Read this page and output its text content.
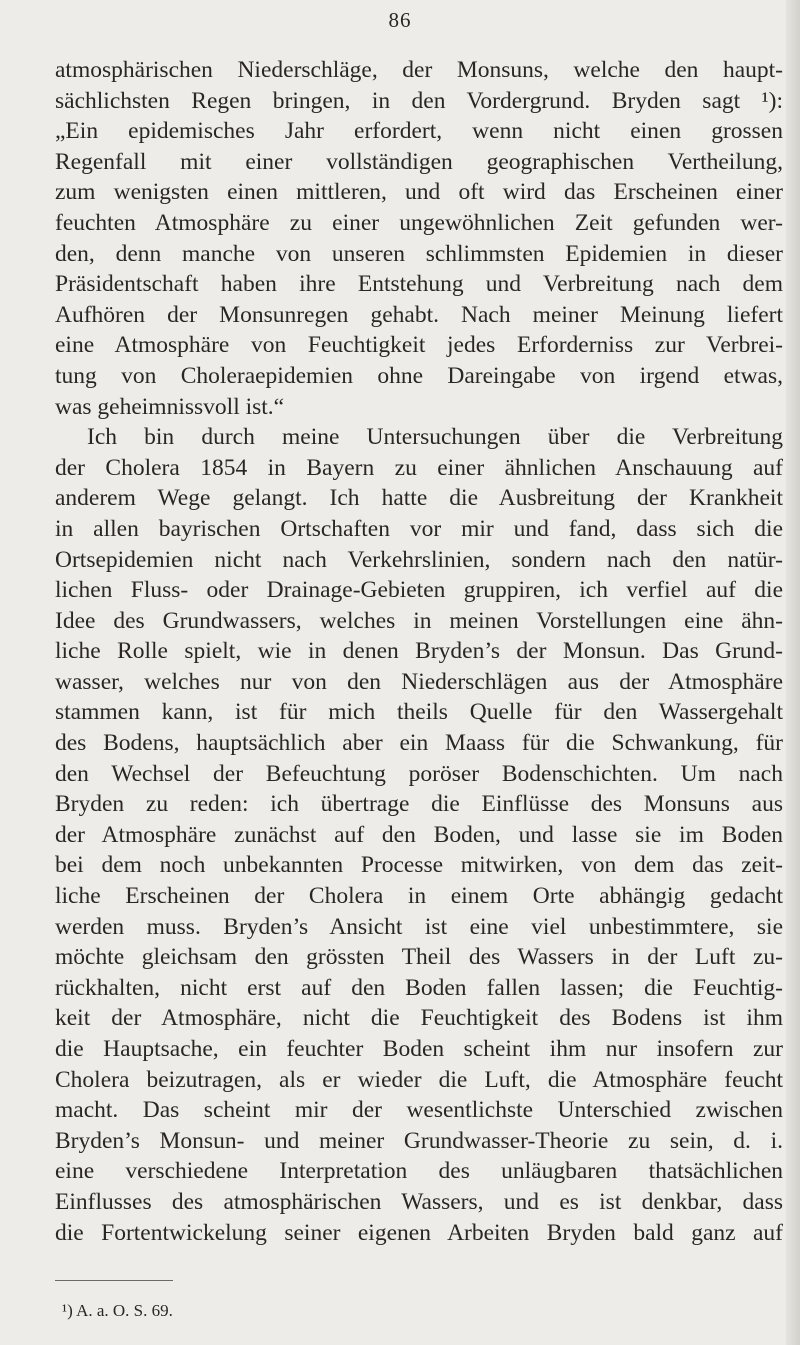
86
atmosphärischen Niederschläge, der Monsuns, welche den haupt-
sächlichsten Regen bringen, in den Vordergrund. Bryden sagt ¹):
„Ein epidemisches Jahr erfordert, wenn nicht einen grossen
Regenfall mit einer vollständigen geographischen Vertheilung,
zum wenigsten einen mittleren, und oft wird das Erscheinen einer
feuchten Atmosphäre zu einer ungewöhnlichen Zeit gefunden wer-
den, denn manche von unseren schlimmsten Epidemien in dieser
Präsidentschaft haben ihre Entstehung und Verbreitung nach dem
Aufhören der Monsunregen gehabt. Nach meiner Meinung liefert
eine Atmosphäre von Feuchtigkeit jedes Erforderniss zur Verbrei-
tung von Choleraepidemien ohne Dareingabe von irgend etwas,
was geheimnissvoll ist.“
Ich bin durch meine Untersuchungen über die Verbreitung
der Cholera 1854 in Bayern zu einer ähnlichen Anschauung auf
anderem Wege gelangt. Ich hatte die Ausbreitung der Krankheit
in allen bayrischen Ortschaften vor mir und fand, dass sich die
Ortsepidemien nicht nach Verkehrslinien, sondern nach den natür-
lichen Fluss- oder Drainage-Gebieten gruppiren, ich verfiel auf die
Idee des Grundwassers, welches in meinen Vorstellungen eine ähn-
liche Rolle spielt, wie in denen Bryden’s der Monsun. Das Grund-
wasser, welches nur von den Niederschlägen aus der Atmosphäre
stammen kann, ist für mich theils Quelle für den Wassergehalt
des Bodens, hauptsächlich aber ein Maass für die Schwankung, für
den Wechsel der Befeuchtung poröser Bodenschichten. Um nach
Bryden zu reden: ich übertrage die Einflüsse des Monsuns aus
der Atmosphäre zunächst auf den Boden, und lasse sie im Boden
bei dem noch unbekannten Processe mitwirken, von dem das zeit-
liche Erscheinen der Cholera in einem Orte abhängig gedacht
werden muss. Bryden’s Ansicht ist eine viel unbestimmtere, sie
möchte gleichsam den grössten Theil des Wassers in der Luft zu-
rückhalten, nicht erst auf den Boden fallen lassen; die Feuchtig-
keit der Atmosphäre, nicht die Feuchtigkeit des Bodens ist ihm
die Hauptsache, ein feuchter Boden scheint ihm nur insofern zur
Cholera beizutragen, als er wieder die Luft, die Atmosphäre feucht
macht. Das scheint mir der wesentlichste Unterschied zwischen
Bryden’s Monsun- und meiner Grundwasser-Theorie zu sein, d. i.
eine verschiedene Interpretation des unläugbaren thatsächlichen
Einflusses des atmosphärischen Wassers, und es ist denkbar, dass
die Fortentwickelung seiner eigenen Arbeiten Bryden bald ganz auf
¹) A. a. O. S. 69.
